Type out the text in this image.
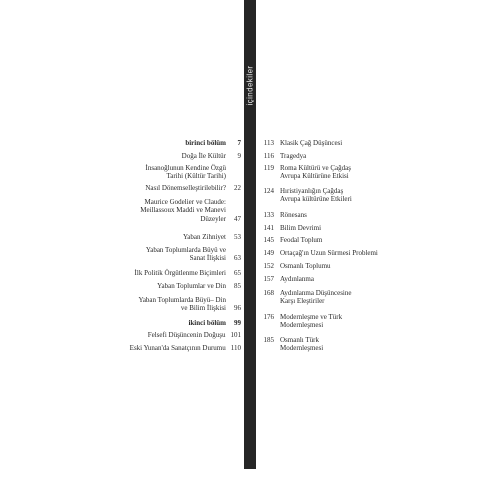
içindekiler
birinci bölüm	7
Doğa İle Kültür	9
İnsanoğlunun Kendine Özgü
Tarihi (Kültür Tarihi)
Nasıl Dönemselleştirilebilir?	22
Maurice Godelier ve Claude:
Meillassoux Maddi ve Manevi
Düzeyler	47
Yaban Zihniyet	53
Yaban Toplumlarda Büyü ve
Sanat İlişkisi	63
İlk Politik Örgütlenme Biçimleri	65
Yaban Toplumlar ve Din	85
Yaban Toplumlarda Büyü– Din
ve Bilim İlişkisi	96
ikinci bölüm	99
Felsefi Düşüncenin Doğuşu 101
Eski Yunan'da Sanatçının Durumu 110
113 Klasik Çağ Düşüncesi
116 Tragedya
119 Roma Kültürü ve Çağdaş
Avrupa Kültürüne Etkisi
124 Hıristiyanlığın Çağdaş
Avrupa kültürüne Etkileri
133 Rönesans
141 Bilim Devrimi
145 Feodal Toplum
149 Ortaçağ'ın Uzun Sürmesi Problemi
152 Osmanlı Toplumu
157 Aydınlanma
168 Aydınlanma Düşüncesine
Karşı Eleştiriler
176 Modernleşme ve Türk
Modernleşmesi
185 Osmanlı Türk
Modernleşmesi
